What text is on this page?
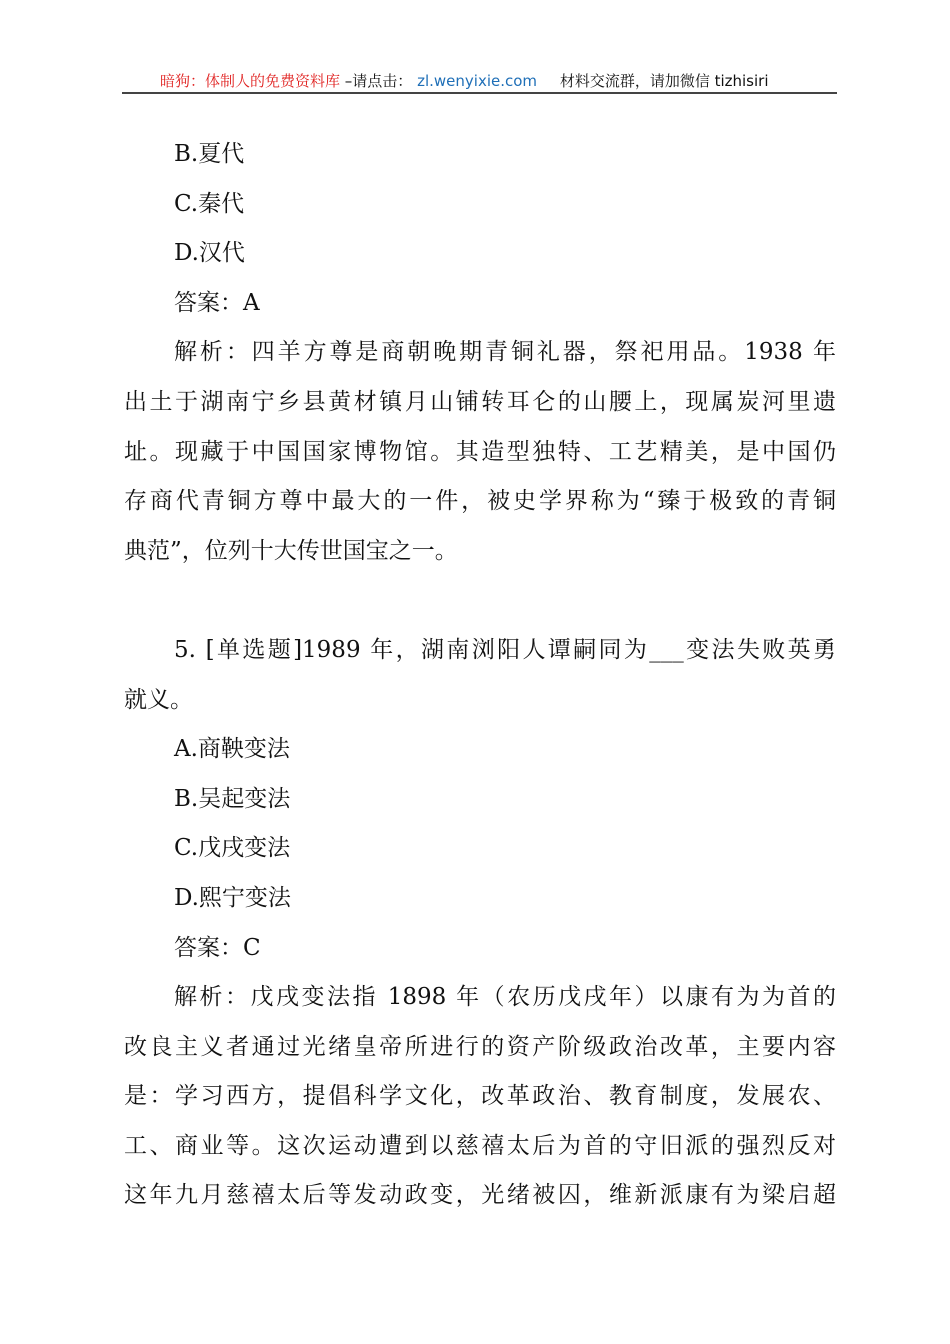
暗狗：体制人的免费资料库 –请点击： zl.wenyixie.com 材料交流群，请加微信 tizhisiri
B.夏代
C.秦代
D.汉代
答案：A
解析：四羊方尊是商朝晚期青铜礼器，祭祀用品。1938 年
出土于湖南宁乡县黄材镇月山铺转耳仑的山腰上，现属炭河里遗
址。现藏于中国国家博物馆。其造型独特、工艺精美，是中国仍
存商代青铜方尊中最大的一件，被史学界称为“臻于极致的青铜
典范”，位列十大传世国宝之一。
5. [单选题]1989 年，湖南浏阳人谭嗣同为___变法失败英勇
就义。
A.商鞅变法
B.吴起变法
C.戊戌变法
D.熙宁变法
答案：C
解析：戊戌变法指 1898 年（农历戊戌年）以康有为为首的
改良主义者通过光绪皇帝所进行的资产阶级政治改革，主要内容
是：学习西方，提倡科学文化，改革政治、教育制度，发展农、
工、商业等。这次运动遭到以慈禧太后为首的守旧派的强烈反对
这年九月慈禧太后等发动政变，光绪被囚，维新派康有为梁启超
